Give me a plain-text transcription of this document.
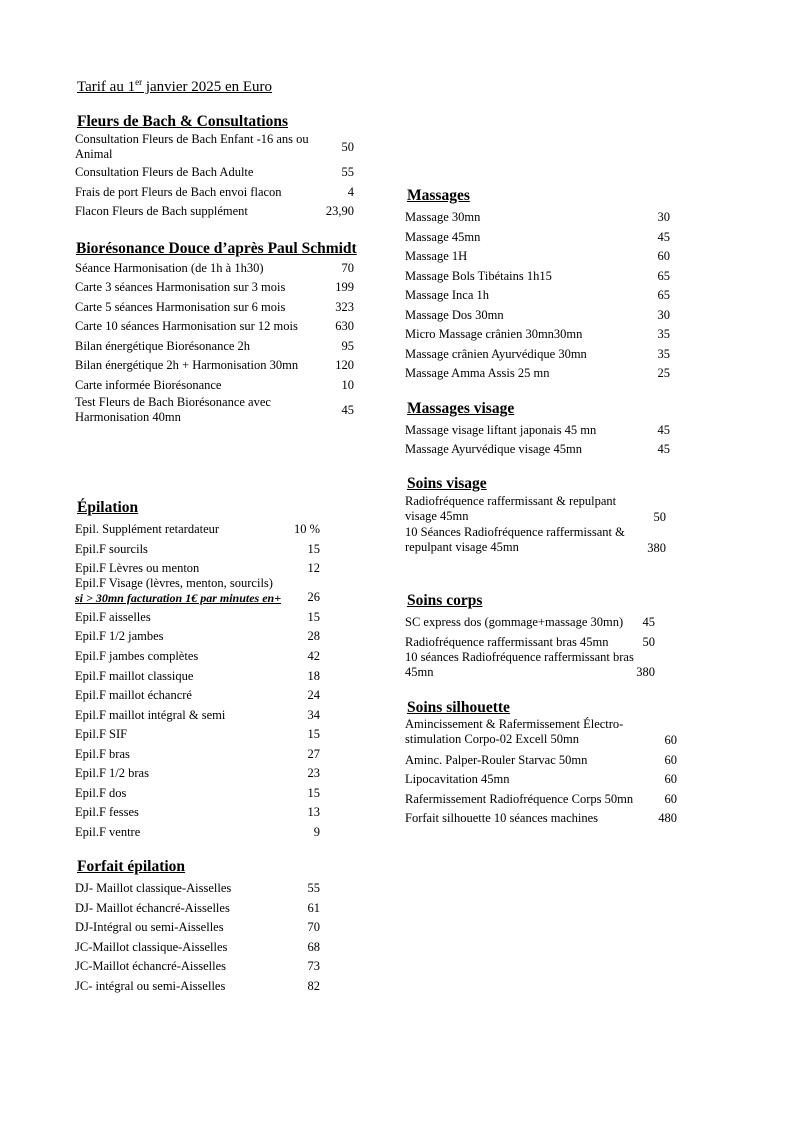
Tarif au 1er janvier 2025 en Euro
Fleurs de Bach & Consultations
Consultation Fleurs de Bach Enfant -16 ans ou Animal	50
Consultation Fleurs de Bach Adulte	55
Frais de port Fleurs de Bach envoi flacon	4
Flacon Fleurs de Bach supplément	23,90
Biorésonance Douce d’après Paul Schmidt
Séance Harmonisation (de 1h à 1h30)	70
Carte 3 séances Harmonisation sur 3 mois	199
Carte 5 séances Harmonisation sur 6 mois	323
Carte 10 séances Harmonisation sur 12 mois	630
Bilan énergétique Biorésonance 2h	95
Bilan énergétique 2h + Harmonisation 30mn	120
Carte informée Biorésonance	10
Test Fleurs de Bach Biorésonance avec Harmonisation 40mn	45
Épilation
Epil. Supplément retardateur	10 %
Epil.F sourcils	15
Epil.F Lèvres ou menton	12
Epil.F Visage (lèvres, menton, sourcils)
si > 30mn facturation 1€ par minutes en+	26
Epil.F aisselles	15
Epil.F 1/2 jambes	28
Epil.F jambes complètes	42
Epil.F maillot classique	18
Epil.F maillot échancré	24
Epil.F maillot intégral & semi	34
Epil.F SIF	15
Epil.F bras	27
Epil.F 1/2 bras	23
Epil.F dos	15
Epil.F fesses	13
Epil.F ventre	9
Forfait épilation
DJ- Maillot classique-Aisselles	55
DJ- Maillot échancré-Aisselles	61
DJ-Intégral ou semi-Aisselles	70
JC-Maillot classique-Aisselles	68
JC-Maillot échancré-Aisselles	73
JC- intégral ou semi-Aisselles	82
Massages
Massage 30mn	30
Massage 45mn	45
Massage 1H	60
Massage Bols Tibétains 1h15	65
Massage Inca 1h	65
Massage Dos 30mn	30
Micro Massage crânien 30mn30mn	35
Massage crânien Ayurvédique 30mn	35
Massage Amma Assis 25 mn	25
Massages visage
Massage visage liftant japonais 45 mn	45
Massage Ayurvédique visage 45mn	45
Soins visage
Radiofréquence raffermissant & repulpant visage 45mn	50
10 Séances Radiofréquence raffermissant & repulpant visage 45mn	380
Soins corps
SC express dos (gommage+massage 30mn)	45
Radiofréquence raffermissant bras 45mn	50
10 séances Radiofréquence raffermissant bras 45mn	380
Soins silhouette
Amincissement & Rafermissement Électro-stimulation Corpo-02 Excell 50mn	60
Aminc. Palper-Rouler Starvac 50mn	60
Lipocavitation 45mn	60
Rafermissement Radiofréquence Corps 50mn	60
Forfait silhouette 10 séances machines	480
